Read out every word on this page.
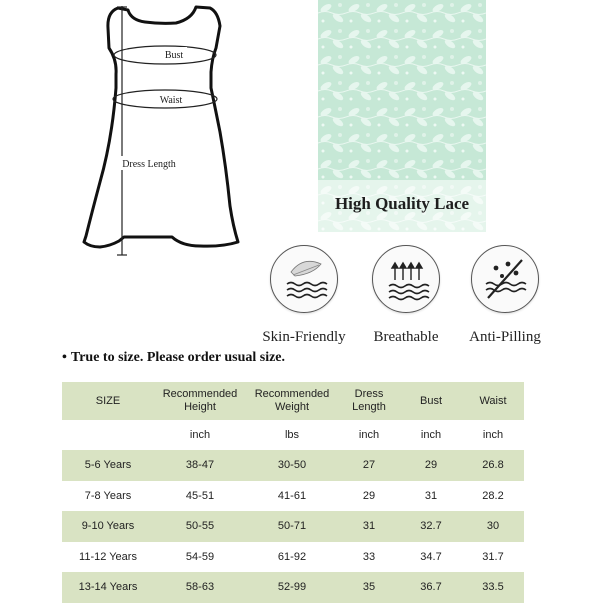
Bust
Waist
Dress Length
High Quality Lace
Skin-Friendly	Breathable	Anti-Pilling
• True to size. Please order usual size.
SIZE	Recommended Height	Recommended Weight	Dress Length	Bust	Waist
	inch	lbs	inch	inch	inch
5-6 Years	38-47	30-50	27	29	26.8
7-8 Years	45-51	41-61	29	31	28.2
9-10 Years	50-55	50-71	31	32.7	30
11-12 Years	54-59	61-92	33	34.7	31.7
13-14 Years	58-63	52-99	35	36.7	33.5
